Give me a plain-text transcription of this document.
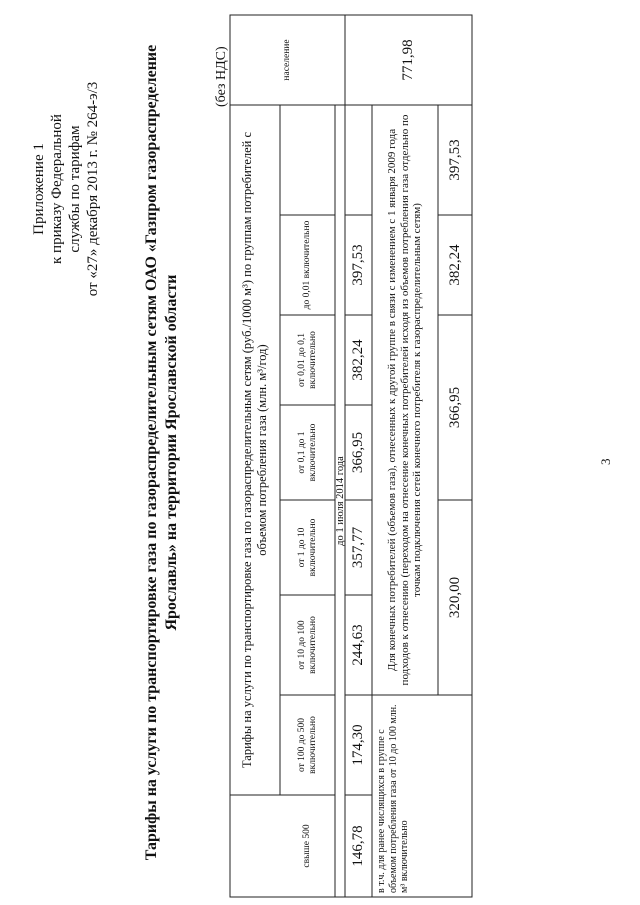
Приложение 1 к приказу Федеральной службы по тарифам от «27» декабря 2013 г. № 264-э/3	Тарифы на услуги по транспортировке газа по газораспределительным сетям ОАО «Газпром газораспределение Ярославль» на территории Ярославской области
(без НДС)
Тарифы на услуги по транспортировке газа по газораспределительным сетям (руб./1000 м³) по группам потребителей с объемом потребления газа (млн. м³/год)
свыше 500
от 100 до 500 включительно
от 10 до 100 включительно
от 1 до 10 включительно
от 0,1 до 1 включительно
от 0,01 до 0,1 включительно
до 0,01 включительно
население
до 1 июля 2014 года
146,78
174,30
244,63
357,77
366,95
382,24
397,53
771,98
Для конечных потребителей (объемов газа), отнесенных к другой группе в связи с изменением с 1 января 2009 года подходов к отнесению (переходом на отнесение конечных потребителей исходя из объемов потребления газа отдельно по точкам подключения сетей конечного потребителя к газораспределительным сетям)
в т.ч. для ранее числящихся в группе с объемом потребления газа от 10 до 100 млн. м³ включительно
320,00
366,95
382,24
397,53
3
